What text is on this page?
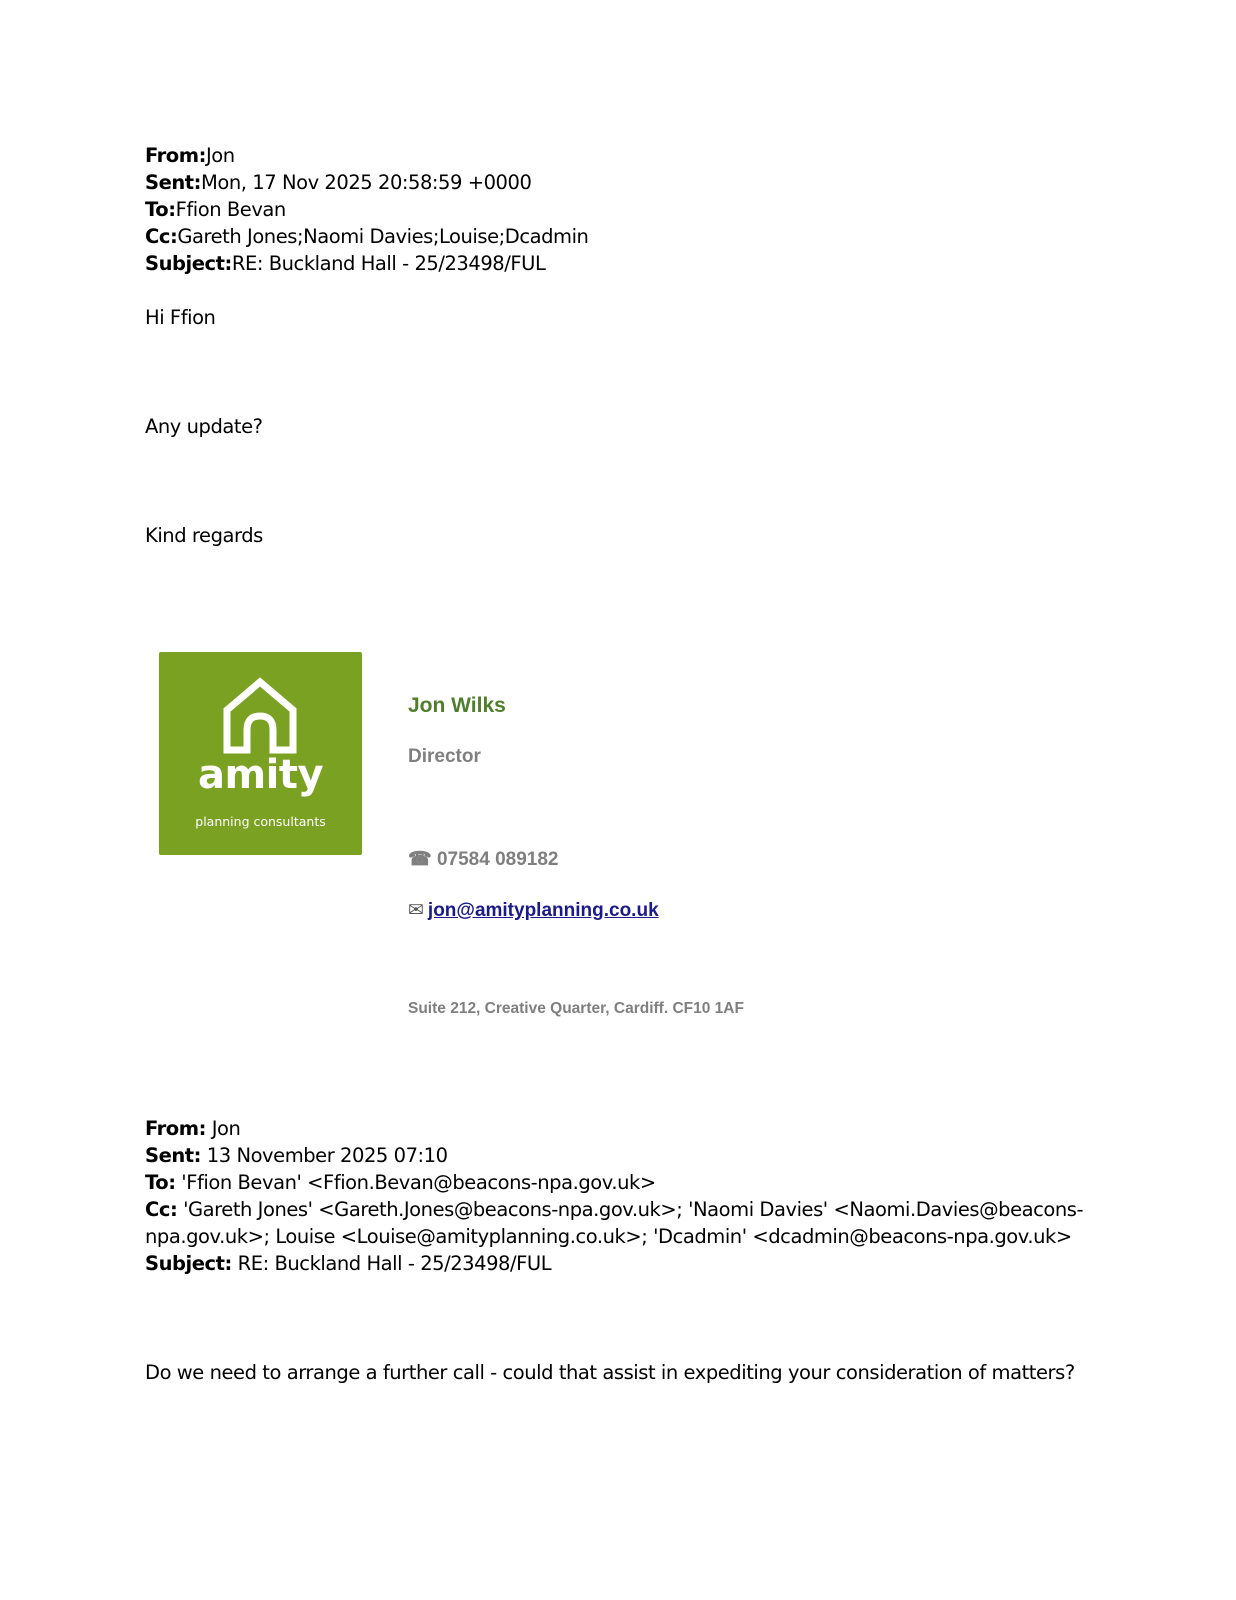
From:Jon
Sent:Mon, 17 Nov 2025 20:58:59 +0000
To:Ffion Bevan
Cc:Gareth Jones;Naomi Davies;Louise;Dcadmin
Subject:RE: Buckland Hall - 25/23498/FUL
Hi Ffion
Any update?
Kind regards
amity
planning consultants
Jon Wilks
Director
☎ 07584 089182
✉ jon@amityplanning.co.uk
Suite 212, Creative Quarter, Cardiff. CF10 1AF
From: Jon
Sent: 13 November 2025 07:10
To: 'Ffion Bevan' <Ffion.Bevan@beacons-npa.gov.uk>
Cc: 'Gareth Jones' <Gareth.Jones@beacons-npa.gov.uk>; 'Naomi Davies' <Naomi.Davies@beacons-
npa.gov.uk>; Louise <Louise@amityplanning.co.uk>; 'Dcadmin' <dcadmin@beacons-npa.gov.uk>
Subject: RE: Buckland Hall - 25/23498/FUL
Do we need to arrange a further call - could that assist in expediting your consideration of matters?
